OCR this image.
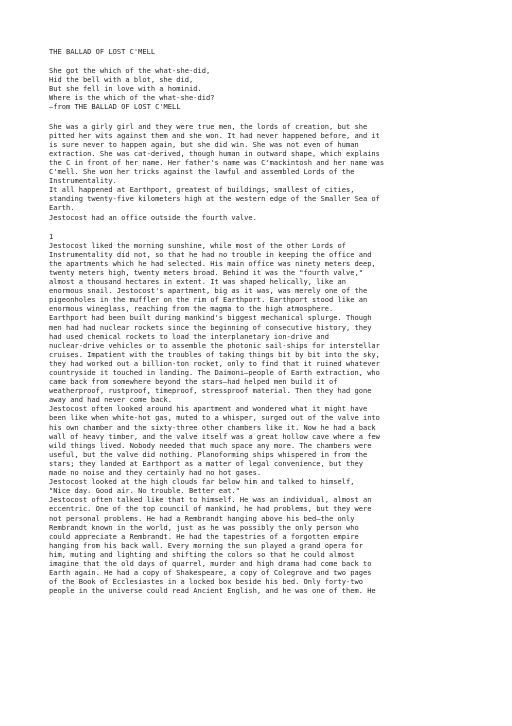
THE BALLAD OF LOST C'MELL
She got the which of the what-she-did,
Hid the bell with a blot, she did,
But she fell in love with a hominid.
Where is the which of the what-she-did?
—from THE BALLAD OF LOST C'MELL
She was a girly girl and they were true men, the lords of creation, but she
pitted her wits against them and she won. It had never happened before, and it
is sure never to happen again, but she did win. She was not even of human
extraction. She was cat-derived, though human in outward shape, which explains
the C in front of her name. Her father's name was C'mackintosh and her name was
C'mell. She won her tricks against the lawful and assembled Lords of the
Instrumentality.
It all happened at Earthport, greatest of buildings, smallest of cities,
standing twenty-five kilometers high at the western edge of the Smaller Sea of
Earth.
Jestocost had an office outside the fourth valve.
1
Jestocost liked the morning sunshine, while most of the other Lords of
Instrumentality did not, so that he had no trouble in keeping the office and
the apartments which he had selected. His main office was ninety meters deep,
twenty meters high, twenty meters broad. Behind it was the "fourth valve,"
almost a thousand hectares in extent. It was shaped helically, like an
enormous snail. Jestocost's apartment, big as it was, was merely one of the
pigeonholes in the muffler on the rim of Earthport. Earthport stood like an
enormous wineglass, reaching from the magma to the high atmosphere.
Earthport had been built during mankind's biggest mechanical splurge. Though
men had had nuclear rockets since the beginning of consecutive history, they
had used chemical rockets to load the interplanetary ion-drive and
nuclear-drive vehicles or to assemble the photonic sail-ships for interstellar
cruises. Impatient with the troubles of taking things bit by bit into the sky,
they had worked out a billion-ton rocket, only to find that it ruined whatever
countryside it touched in landing. The Daimoni—people of Earth extraction, who
came back from somewhere beyond the stars—had helped men build it of
weatherproof, rustproof, timeproof, stressproof material. Then they had gone
away and had never come back.
Jestocost often looked around his apartment and wondered what it might have
been like when white-hot gas, muted to a whisper, surged out of the valve into
his own chamber and the sixty-three other chambers like it. Now he had a back
wall of heavy timber, and the valve itself was a great hollow cave where a few
wild things lived. Nobody needed that much space any more. The chambers were
useful, but the valve did nothing. Planoforming ships whispered in from the
stars; they landed at Earthport as a matter of legal convenience, but they
made no noise and they certainly had no hot gases.
Jestocost looked at the high clouds far below him and talked to himself,
"Nice day. Good air. No trouble. Better eat."
Jestocost often talked like that to himself. He was an individual, almost an
eccentric. One of the top council of mankind, he had problems, but they were
not personal problems. He had a Rembrandt hanging above his bed—the only
Rembrandt known in the world, just as he was possibly the only person who
could appreciate a Rembrandt. He had the tapestries of a forgotten empire
hanging from his back wall. Every morning the sun played a grand opera for
him, muting and lighting and shifting the colors so that he could almost
imagine that the old days of quarrel, murder and high drama had come back to
Earth again. He had a copy of Shakespeare, a copy of Colegrove and two pages
of the Book of Ecclesiastes in a locked box beside his bed. Only forty-two
people in the universe could read Ancient English, and he was one of them. He
